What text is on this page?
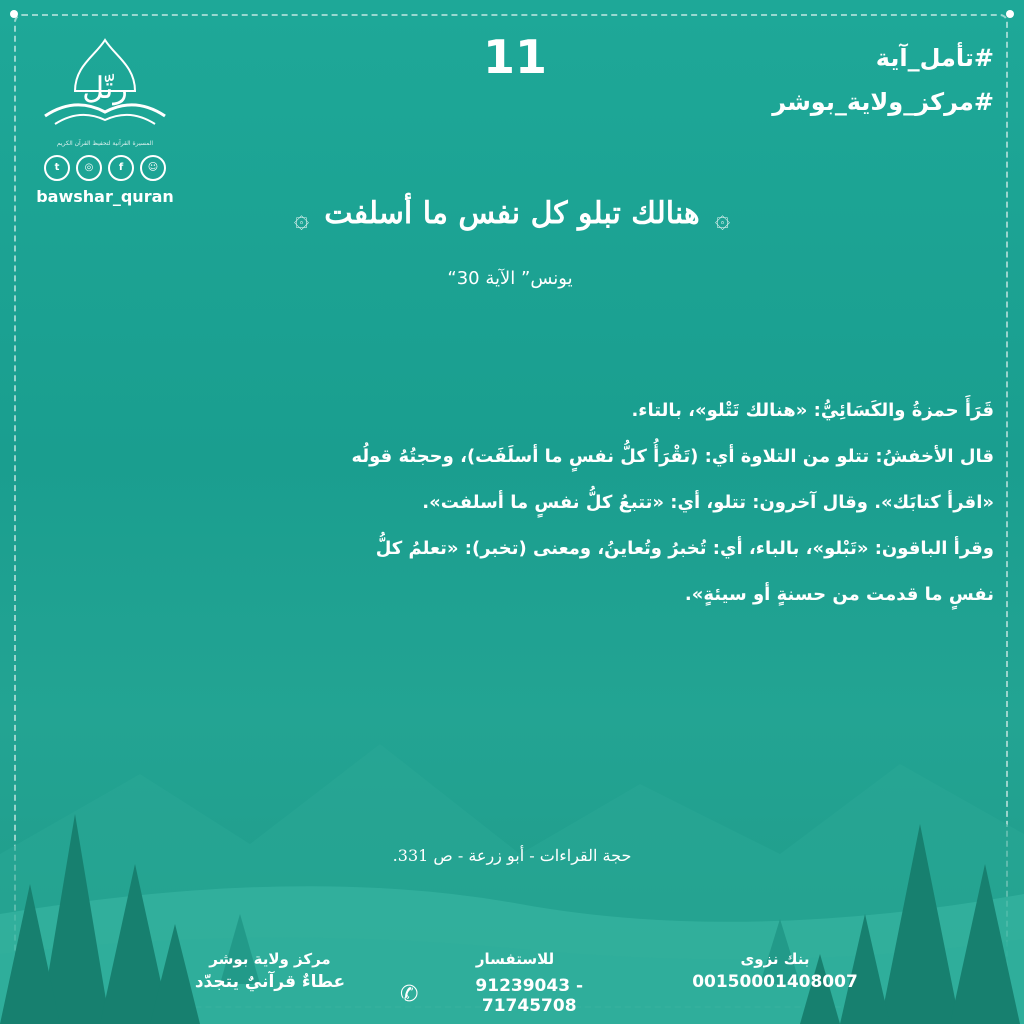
#تأمل_آية

#مركز_ولاية_بوشر

11
رتّل
المسيرة القرآنية لتحفيظ القرآن الكريم
t	◎	f	☺
bawshar_quran
۞ هنالك تبلو كل نفس ما أسلفت ۞
يونس” الآية 30“

قَرَأَ حمزةُ والكَسَائِيُّ: «هنالك تَتْلو»، بالتاء.

قال الأخفشُ: تتلو من التلاوة أي: (تَقْرَأُ كلُّ نفسٍ ما أسلَفَت)، وحجتُهُ قولُه

«اقرأ كتابَك». وقال آخرون: تتلو، أي: «تتبعُ كلُّ نفسٍ ما أسلفت».

وقرأ الباقون: «تَبْلو»، بالباء، أي: تُخبرُ وتُعاينُ، ومعنى (تخبر): «تعلمُ كلُّ

نفسٍ ما قدمت من حسنةٍ أو سيئةٍ».

حجة القراءات - أبو زرعة - ص 331.
مركز ولاية بوشر
عطاءٌ قرآنيٌ يتجدّد
للاستفسار
✆	91239043 - 71745708
بنك نزوى
00150001408007
